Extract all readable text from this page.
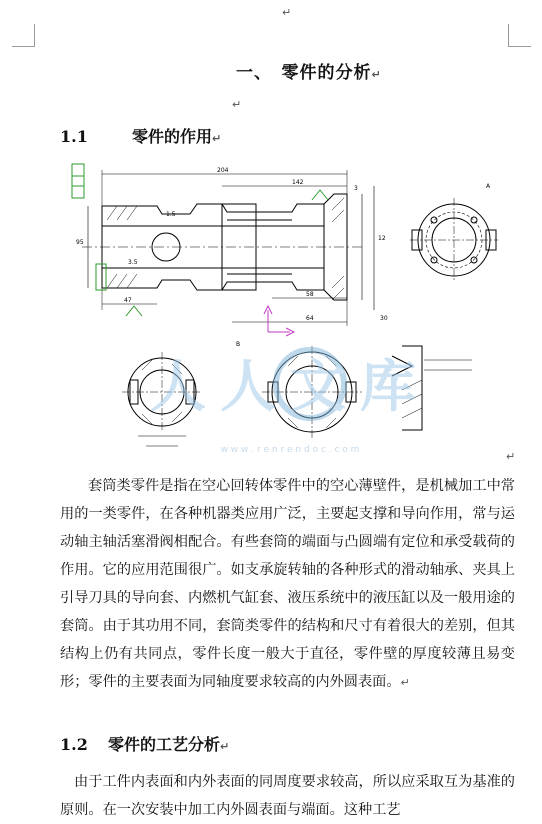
↵
一、　零件的分析↵
↵
1.1	零件的作用↵
204
142
95
58
47
64	30
12
3
3.5
1.5
A
B
人人文库
w w w . r e n r e n d o c . c o m	↵

套筒类零件是指在空心回转体零件中的空心薄壁件，是机械加工中常用的一类零件，在各种机器类应用广泛，主要起支撑和导向作用，常与运动轴主轴活塞滑阀相配合。有些套筒的端面与凸圆端有定位和承受载荷的作用。它的应用范围很广。如支承旋转轴的各种形式的滑动轴承、夹具上引导刀具的导向套、内燃机气缸套、液压系统中的液压缸以及一般用途的套筒。由于其功用不同，套筒类零件的结构和尺寸有着很大的差别，但其结构上仍有共同点，零件长度一般大于直径，零件壁的厚度较薄且易变形；零件的主要表面为同轴度要求较高的内外圆表面。↵

1.2 零件的工艺分析↵

由于工件内表面和内外表面的同周度要求较高，所以应采取互为基准的原则。在一次安装中加工内外圆表面与端面。这种工艺
